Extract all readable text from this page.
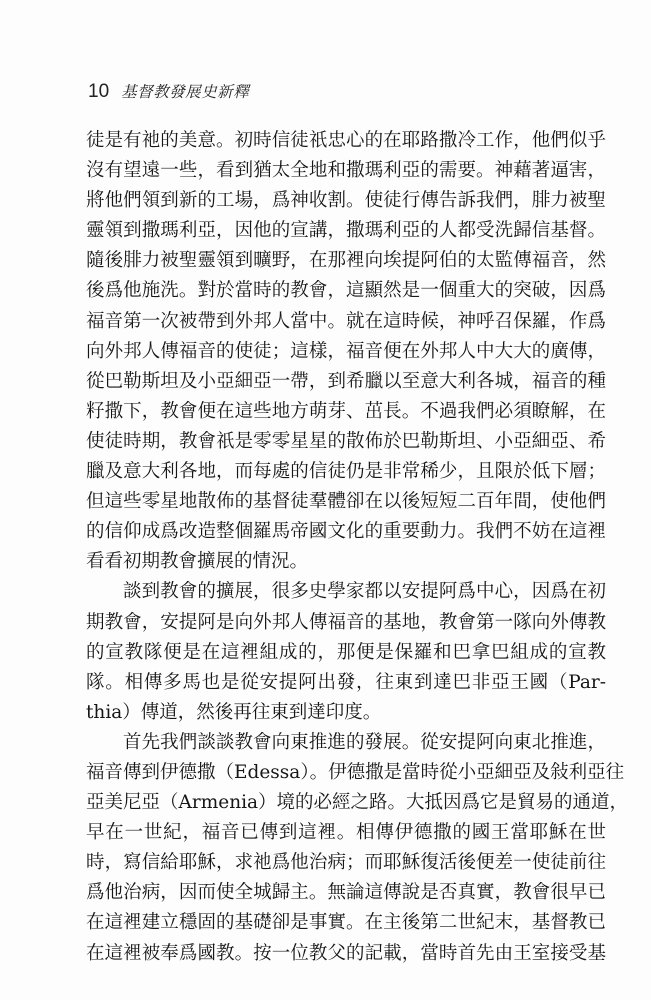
10 基督教發展史新釋
徒是有祂的美意。初時信徒祇忠心的在耶路撒冷工作，他們似乎
沒有望遠一些，看到猶太全地和撒瑪利亞的需要。神藉著逼害，
將他們領到新的工場，爲神收割。使徒行傳告訴我們，腓力被聖
靈領到撒瑪利亞，因他的宣講，撒瑪利亞的人都受洗歸信基督。
隨後腓力被聖靈領到曠野，在那裡向埃提阿伯的太監傳福音，然
後爲他施洗。對於當時的教會，這顯然是一個重大的突破，因爲
福音第一次被帶到外邦人當中。就在這時候，神呼召保羅，作爲
向外邦人傳福音的使徒；這樣，福音便在外邦人中大大的廣傳，
從巴勒斯坦及小亞細亞一帶，到希臘以至意大利各城，福音的種
籽撒下，教會便在這些地方萌芽、茁長。不過我們必須瞭解，在
使徒時期，教會祇是零零星星的散佈於巴勒斯坦、小亞細亞、希
臘及意大利各地，而每處的信徒仍是非常稀少，且限於低下層；
但這些零星地散佈的基督徒羣體卻在以後短短二百年間，使他們
的信仰成爲改造整個羅馬帝國文化的重要動力。我們不妨在這裡
看看初期教會擴展的情況。
談到教會的擴展，很多史學家都以安提阿爲中心，因爲在初
期教會，安提阿是向外邦人傳福音的基地，教會第一隊向外傳教
的宣教隊便是在這裡組成的，那便是保羅和巴拿巴組成的宣教
隊。相傳多馬也是從安提阿出發，往東到達巴非亞王國（Par-
thia）傳道，然後再往東到達印度。
首先我們談談教會向東推進的發展。從安提阿向東北推進，
福音傳到伊德撒（Edessa）。伊德撒是當時從小亞細亞及敍利亞往
亞美尼亞（Armenia）境的必經之路。大抵因爲它是貿易的通道，
早在一世紀，福音已傳到這裡。相傳伊德撒的國王當耶穌在世
時，寫信給耶穌，求祂爲他治病；而耶穌復活後便差一使徒前往
爲他治病，因而使全城歸主。無論這傳說是否真實，教會很早已
在這裡建立穩固的基礎卻是事實。在主後第二世紀末，基督教已
在這裡被奉爲國教。按一位教父的記載，當時首先由王室接受基
